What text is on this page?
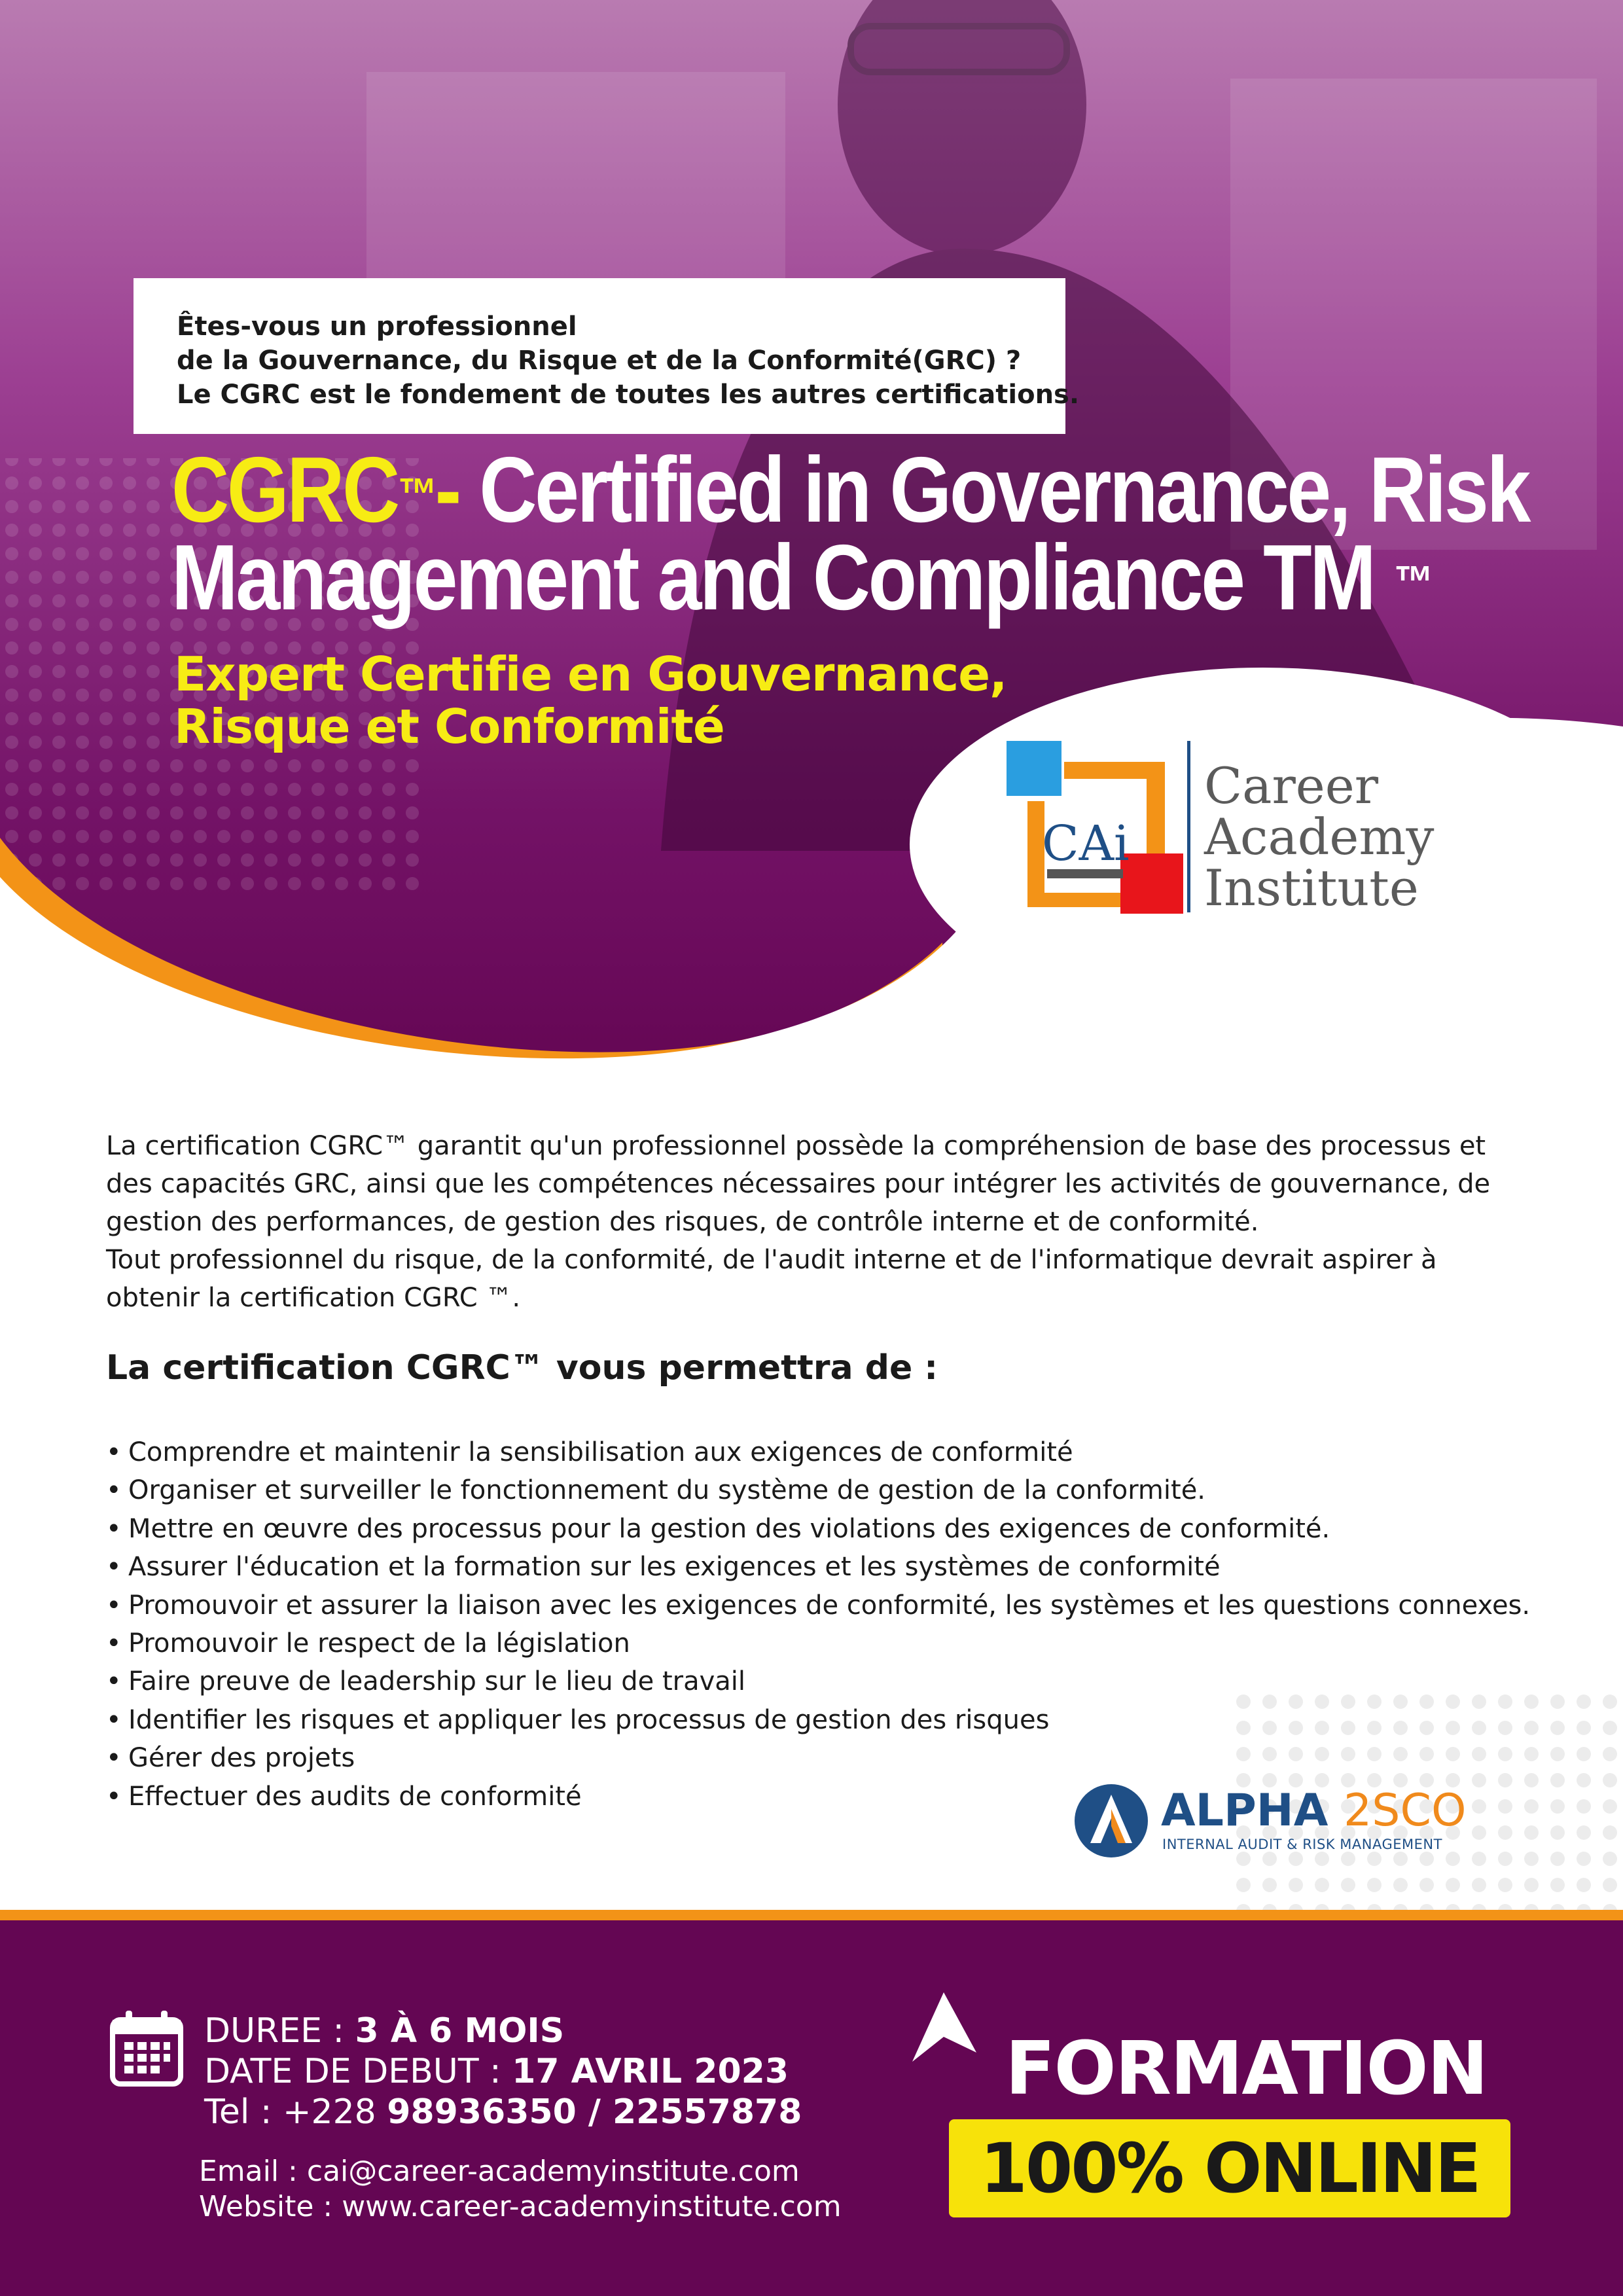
Êtes-vous un professionnel
de la Gouvernance, du Risque et de la Conformité(GRC) ?
Le CGRC est le fondement de toutes les autres certifications.
CGRC™- Certified in Governance, Risk
Management and Compliance TM ™
Expert Certifie en Gouvernance,
Risque et Conformité
CAi
Career
Academy
Institute

La certification CGRC™ garantit qu'un professionnel possède la compréhension de base des processus et des capacités GRC, ainsi que les compétences nécessaires pour intégrer les activités de gouvernance, de gestion des performances, de gestion des risques, de contrôle interne et de conformité.

Tout professionnel du risque, de la conformité, de l'audit interne et de l'informatique devrait aspirer à obtenir la certification CGRC ™.

La certification CGRC™ vous permettra de :
• Comprendre et maintenir la sensibilisation aux exigences de conformité
• Organiser et surveiller le fonctionnement du système de gestion de la conformité.
• Mettre en œuvre des processus pour la gestion des violations des exigences de conformité.
• Assurer l'éducation et la formation sur les exigences et les systèmes de conformité
• Promouvoir et assurer la liaison avec les exigences de conformité, les systèmes et les questions connexes.
• Promouvoir le respect de la législation
• Faire preuve de leadership sur le lieu de travail
• Identifier les risques et appliquer les processus de gestion des risques
• Gérer des projets
• Effectuer des audits de conformité	ALPHA 2SCO
INTERNAL AUDIT & RISK MANAGEMENT
DUREE : 3 À 6 MOIS
DATE DE DEBUT : 17 AVRIL 2023
Tel : +228 98936350 / 22557878
Email : cai@career-academyinstitute.com
Website : www.career-academyinstitute.com
FORMATION
100% ONLINE
